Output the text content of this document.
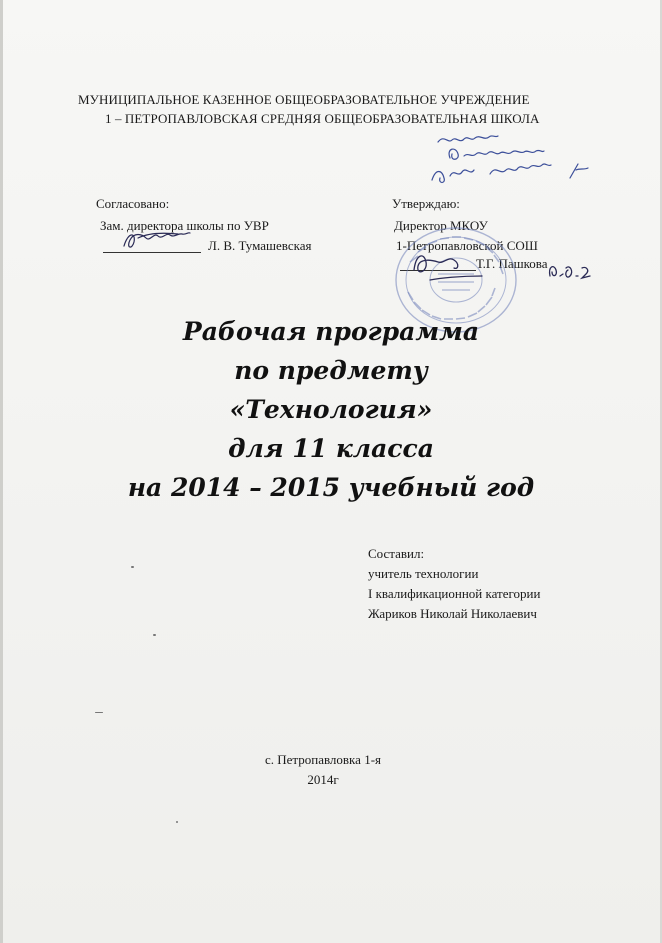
МУНИЦИПАЛЬНОЕ КАЗЕННОЕ ОБЩЕОБРАЗОВАТЕЛЬНОЕ УЧРЕЖДЕНИЕ
1 – ПЕТРОПАВЛОВСКАЯ СРЕДНЯЯ ОБЩЕОБРАЗОВАТЕЛЬНАЯ ШКОЛА
Согласовано:
Зам. директора школы по УВР
Л. В. Тумашевская
Утверждаю:
Директор МКОУ
1-Петропавловской СОШ
Т.Г. Пашкова
Рабочая программа
по предмету
«Технология»
для 11 класса
на 2014 – 2015 учебный год
Составил:
учитель технологии
I квалификационной категории
Жариков Николай Николаевич
с. Петропавловка 1-я
2014г
